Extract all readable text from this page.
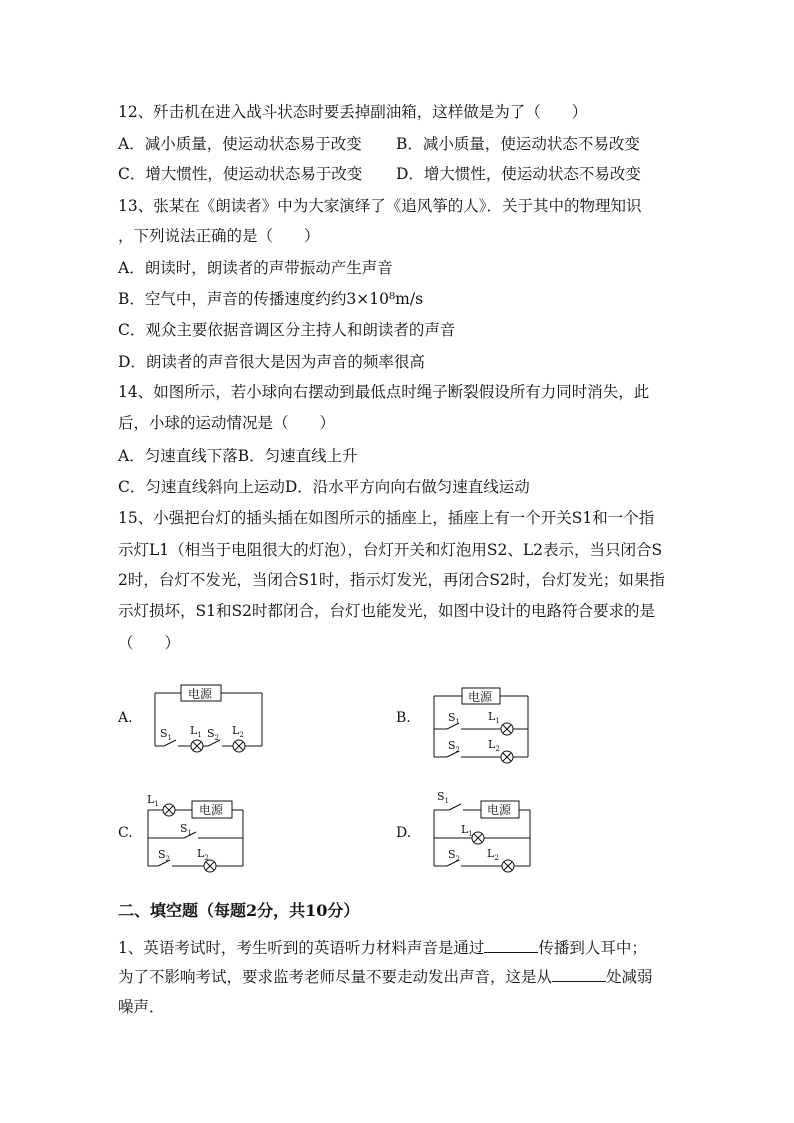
12、歼击机在进入战斗状态时要丢掉副油箱，这样做是为了（　　）
A．减小质量，使运动状态易于改变 B．减小质量，使运动状态不易改变
C．增大惯性，使运动状态易于改变 D．增大惯性，使运动状态不易改变
13、张某在《朗读者》中为大家演绎了《追风筝的人》．关于其中的物理知识
，下列说法正确的是（　　）
A．朗读时，朗读者的声带振动产生声音
B．空气中，声音的传播速度约约3×10⁸m/s
C．观众主要依据音调区分主持人和朗读者的声音
D．朗读者的声音很大是因为声音的频率很高
14、如图所示，若小球向右摆动到最低点时绳子断裂假设所有力同时消失，此
后，小球的运动情况是（　　）
A．匀速直线下落B．匀速直线上升
C．匀速直线斜向上运动D．沿水平方向向右做匀速直线运动
15、小强把台灯的插头插在如图所示的插座上，插座上有一个开关S1和一个指
示灯L1（相当于电阻很大的灯泡），台灯开关和灯泡用S2、L2表示，当只闭合S
2时，台灯不发光，当闭合S1时，指示灯发光，再闭合S2时，台灯发光；如果指
示灯损坏，S1和S2时都闭合，台灯也能发光，如图中设计的电路符合要求的是
（　　）
A.	B.
C.	D.
电源
$S_1$
$L_1$ $S_2$
$L_2$
电源
$S_1$	$L_1$
$S_2$	$L_2$
电源
$L_1$
$S_1$
$S_2$ $L_2$
电源
$S_1$
$L_1$
$S_2$ $L_2$
二、填空题（每题2分，共10分）
1、英语考试时，考生听到的英语听力材料声音是通过	传播到人耳中；
为了不影响考试，要求监考老师尽量不要走动发出声音，这是从	处减弱
噪声．
